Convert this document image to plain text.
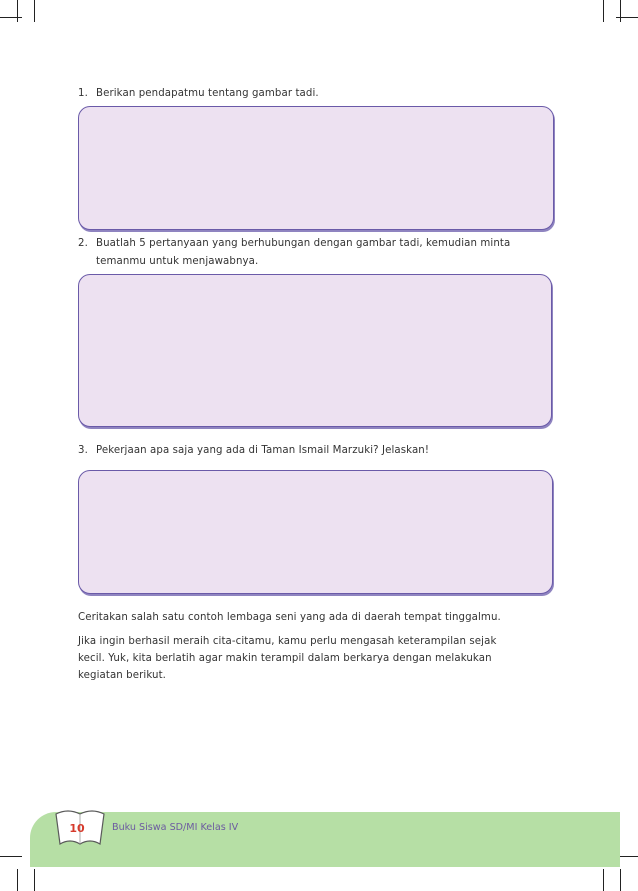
1. Berikan pendapatmu tentang gambar tadi.
2. Buatlah 5 pertanyaan yang berhubungan dengan gambar tadi, kemudian minta
temanmu untuk menjawabnya.
3. Pekerjaan apa saja yang ada di Taman Ismail Marzuki? Jelaskan!
Ceritakan salah satu contoh lembaga seni yang ada di daerah tempat tinggalmu.
Jika ingin berhasil meraih cita-citamu, kamu perlu mengasah keterampilan sejak
kecil. Yuk, kita berlatih agar makin terampil dalam berkarya dengan melakukan
kegiatan berikut.
10	Buku Siswa SD/MI Kelas IV
